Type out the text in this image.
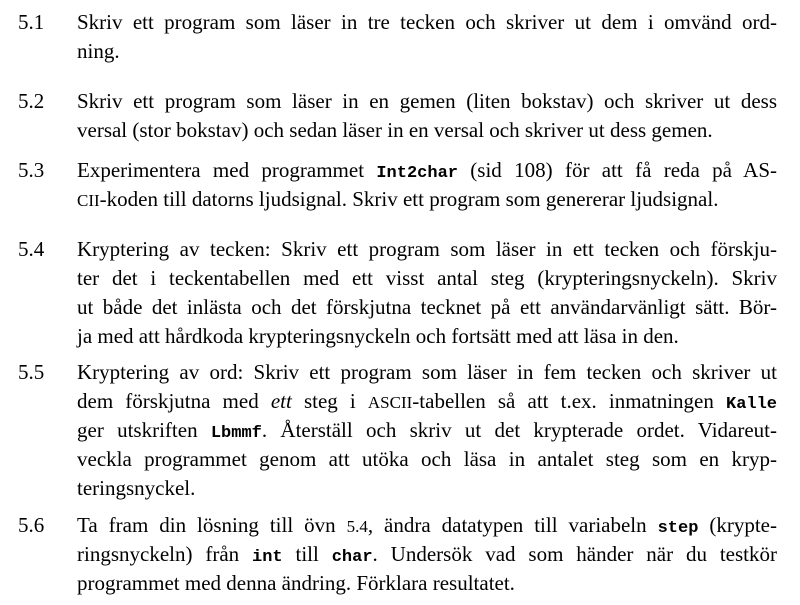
5.1 Skriv ett program som läser in tre tecken och skriver ut dem i omvänd ord-
ning.
5.2 Skriv ett program som läser in en gemen (liten bokstav) och skriver ut dess
versal (stor bokstav) och sedan läser in en versal och skriver ut dess gemen.
5.3 Experimentera med programmet Int2char (sid 108) för att få reda på AS-
CII-koden till datorns ljudsignal. Skriv ett program som genererar ljudsignal.
5.4 Kryptering av tecken: Skriv ett program som läser in ett tecken och förskju-
ter det i teckentabellen med ett visst antal steg (krypteringsnyckeln). Skriv
ut både det inlästa och det förskjutna tecknet på ett användarvänligt sätt. Bör-
ja med att hårdkoda krypteringsnyckeln och fortsätt med att läsa in den.
5.5 Kryptering av ord: Skriv ett program som läser in fem tecken och skriver ut
dem förskjutna med ett steg i ASCII-tabellen så att t.ex. inmatningen Kalle
ger utskriften Lbmmf. Återställ och skriv ut det krypterade ordet. Vidareut-
veckla programmet genom att utöka och läsa in antalet steg som en kryp-
teringsnyckel.
5.6 Ta fram din lösning till övn 5.4, ändra datatypen till variabeln step (krypte-
ringsnyckeln) från int till char. Undersök vad som händer när du testkör
programmet med denna ändring. Förklara resultatet.
